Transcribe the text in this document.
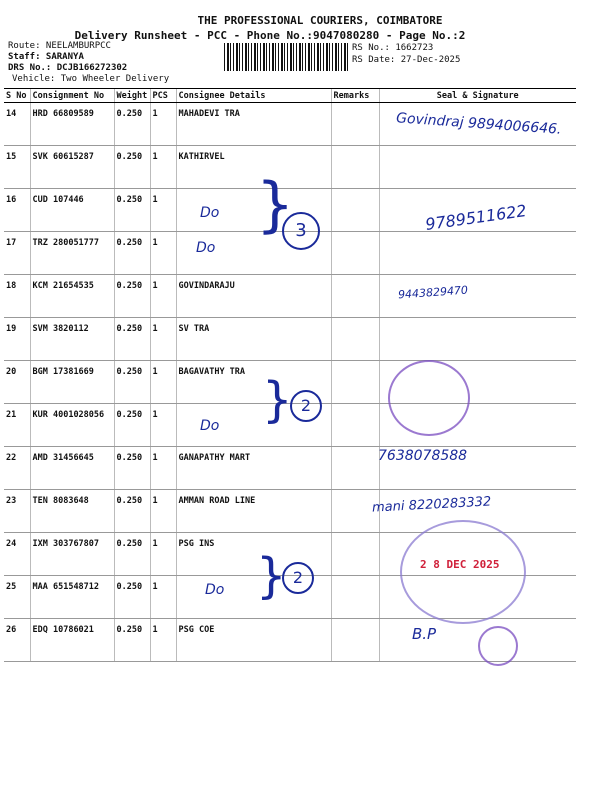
THE PROFESSIONAL COURIERS, COIMBATORE
Delivery Runsheet - PCC - Phone No.:9047080280 - Page No.:2
Route: NEELAMBURPCC
Staff: SARANYA
DRS No.: DCJB166272302
Vehicle: Two Wheeler Delivery
RS No.: 1662723
RS Date: 27-Dec-2025
S No	Consignment No	Weight	PCS	Consignee Details	Remarks	Seal & Signature
14	HRD 66809589	0.250	1	MAHADEVI TRA		
15	SVK 60615287	0.250	1	KATHIRVEL		
16	CUD 107446	0.250	1			
17	TRZ 280051777	0.250	1			
18	KCM 21654535	0.250	1	GOVINDARAJU		
19	SVM 3820112	0.250	1	SV TRA		
20	BGM 17381669	0.250	1	BAGAVATHY TRA		
21	KUR 4001028056	0.250	1			
22	AMD 31456645	0.250	1	GANAPATHY MART		
23	TEN 8083648	0.250	1	AMMAN ROAD LINE		
24	IXM 303767807	0.250	1	PSG INS		
25	MAA 651548712	0.250	1			
26	EDQ 10786021	0.250	1	PSG COE		
Govindraj 9894006646.
9789511622
9443829470
7638078588
mani 8220283332
B.P
Do
Do
Do
Do
} 3
} 2
} 2
2 8 DEC 2025
